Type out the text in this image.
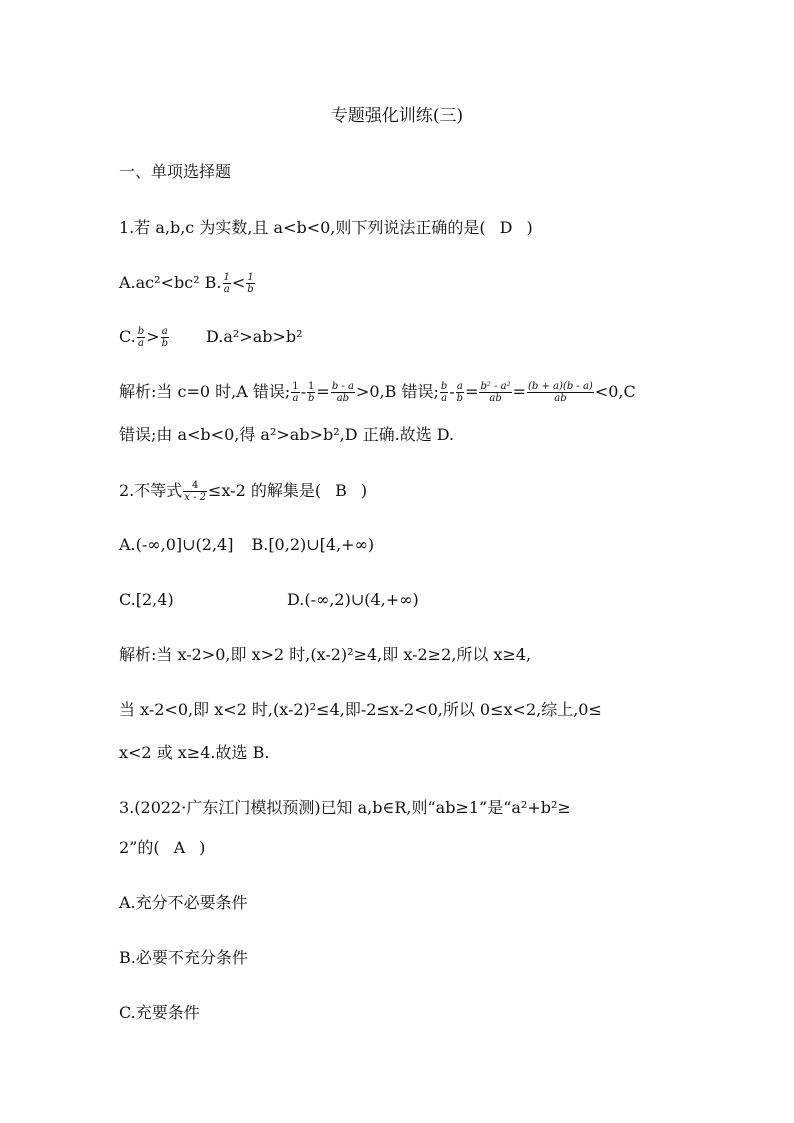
专题强化训练(三)
一、单项选择题
1.若 a,b,c 为实数,且 a<b<0,则下列说法正确的是( D )
A.ac²<bc² B. $\frac{1}{a} < \frac{1}{b}$
C. $\frac{b}{a} > \frac{a}{b} D.a^2>ab>b^2$
解析:当 c=0 时,A 错误; $\frac{1}{a} - \frac{1}{b} = \frac{b - a}{ab} >0,B$ 错误; $\frac{b}{a} - \frac{a}{b} = \frac{\text{b² - a²}}{ab} = \frac{(b + a)(b - a)}{ab} <0,C$
错误;由 a<b<0,得 a²>ab>b²,D 正确.故选 D.
2.不等式 $\frac{4}{x - 2} \le x-2$ 的解集是( B )
A.(-∞,0]∪(2,4] B.[0,2)∪[4,+∞)
C.[2,4)	D.(-∞,2)∪(4,+∞)
解析:当 x-2>0,即 x>2 时,(x-2)²≥4,即 x-2≥2,所以 x≥4,
当 x-2<0,即 x<2 时,(x-2)²≤4,即-2≤x-2<0,所以 0≤x<2,综上,0≤
x<2 或 x≥4.故选 B.
3.(2022·广东江门模拟预测)已知 a,b∈R,则“ab≥1”是“a²+b²≥
2”的( A )
A.充分不必要条件
B.必要不充分条件
C.充要条件
